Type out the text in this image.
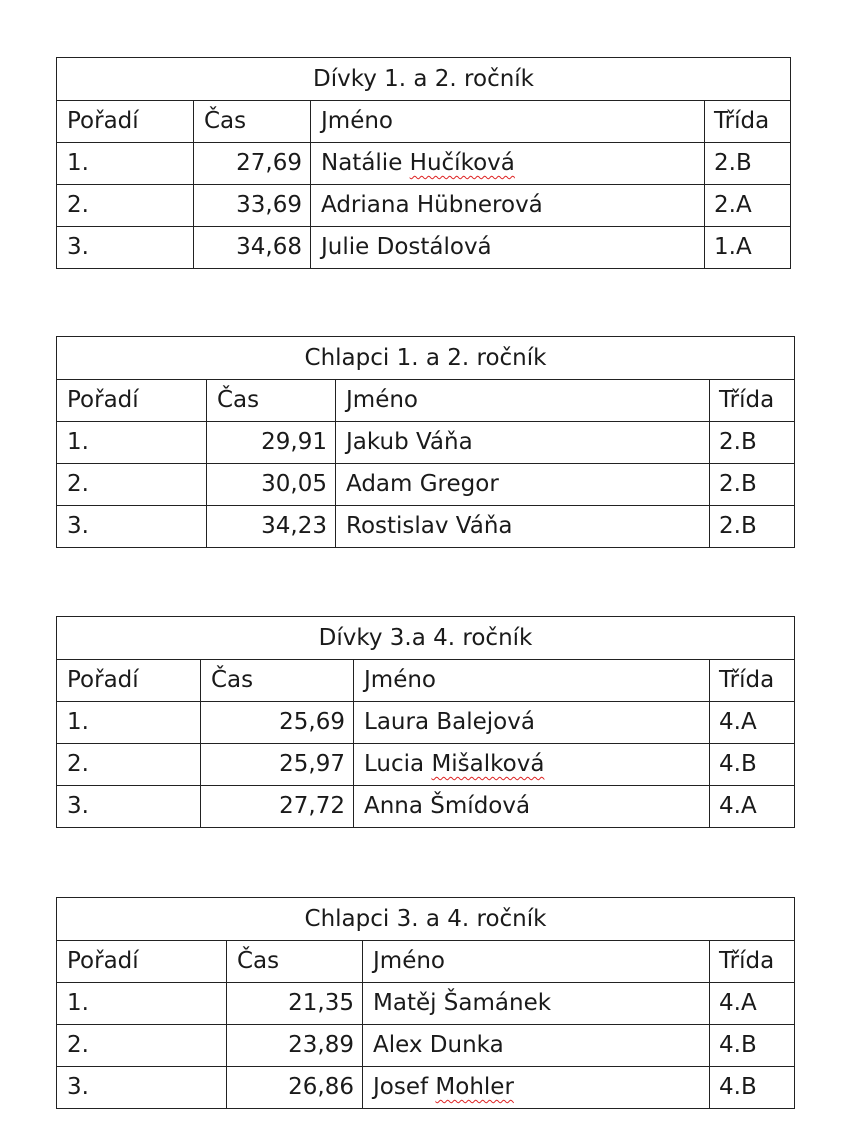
Dívky 1. a 2. ročník			
Pořadí	Čas	Jméno	Třída
1.	27,69	Natálie Hučíková	2.B
2.	33,69	Adriana Hübnerová	2.A
3.	34,68	Julie Dostálová	1.A
Chlapci 1. a 2. ročník			
Pořadí	Čas	Jméno	Třída
1.	29,91	Jakub Váňa	2.B
2.	30,05	Adam Gregor	2.B
3.	34,23	Rostislav Váňa	2.B
Dívky 3.a 4. ročník			
Pořadí	Čas	Jméno	Třída
1.	25,69	Laura Balejová	4.A
2.	25,97	Lucia Mišalková	4.B
3.	27,72	Anna Šmídová	4.A
Chlapci 3. a 4. ročník			
Pořadí	Čas	Jméno	Třída
1.	21,35	Matěj Šamánek	4.A
2.	23,89	Alex Dunka	4.B
3.	26,86	Josef Mohler	4.B
